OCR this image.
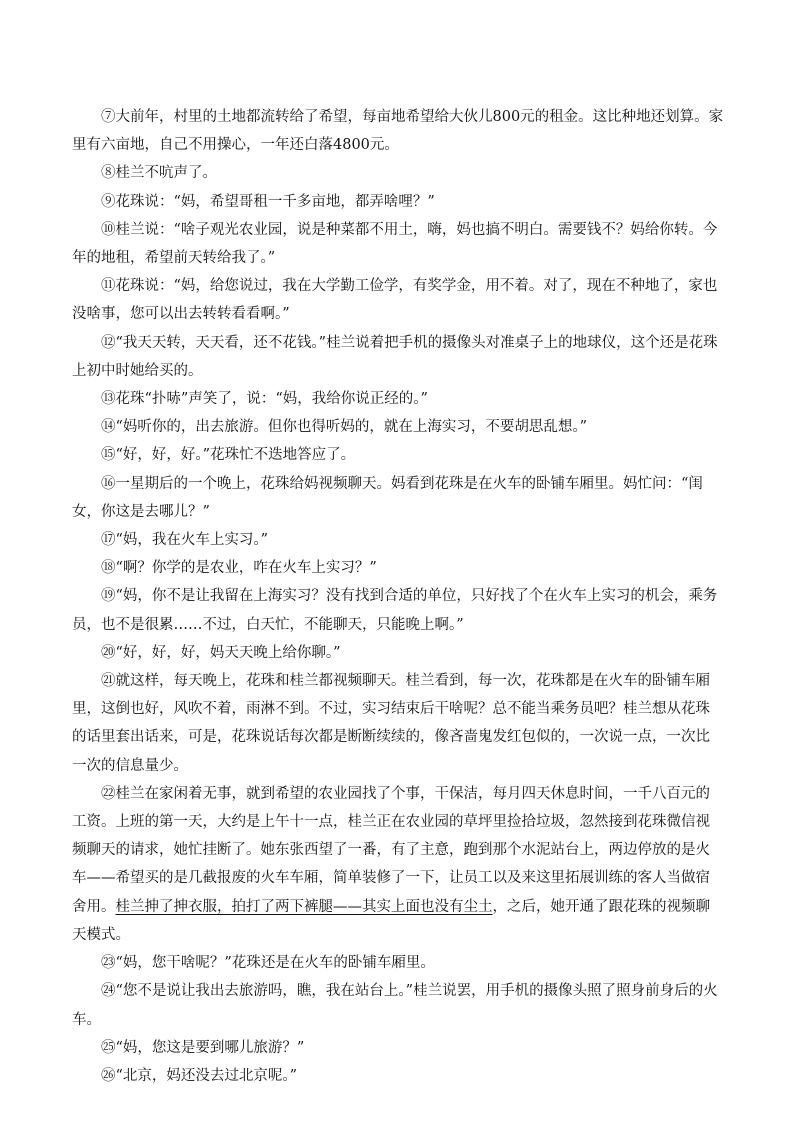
⑦大前年，村里的土地都流转给了希望，每亩地希望给大伙儿800元的租金。这比种地还划算。家里有六亩地，自己不用操心，一年还白落4800元。

⑧桂兰不吭声了。

⑨花珠说：“妈，希望哥租一千多亩地，都弄啥哩？”

⑩桂兰说：“啥子观光农业园，说是种菜都不用土，嗨，妈也搞不明白。需要钱不？妈给你转。今年的地租，希望前天转给我了。”

⑪花珠说：“妈，给您说过，我在大学勤工俭学，有奖学金，用不着。对了，现在不种地了，家也没啥事，您可以出去转转看看啊。”

⑫“我天天转，天天看，还不花钱。”桂兰说着把手机的摄像头对准桌子上的地球仪，这个还是花珠上初中时她给买的。

⑬花珠“扑哧”声笑了，说：“妈，我给你说正经的。”

⑭“妈听你的，出去旅游。但你也得听妈的，就在上海实习，不要胡思乱想。”

⑮“好，好，好。”花珠忙不迭地答应了。

⑯一星期后的一个晚上，花珠给妈视频聊天。妈看到花珠是在火车的卧铺车厢里。妈忙问：“闺女，你这是去哪儿？”

⑰“妈，我在火车上实习。”

⑱“啊？你学的是农业，咋在火车上实习？”

⑲“妈，你不是让我留在上海实习？没有找到合适的单位，只好找了个在火车上实习的机会，乘务员，也不是很累……不过，白天忙，不能聊天，只能晚上啊。”

⑳“好，好，好，妈天天晚上给你聊。”

㉑就这样，每天晚上，花珠和桂兰都视频聊天。桂兰看到，每一次，花珠都是在火车的卧铺车厢里，这倒也好，风吹不着，雨淋不到。不过，实习结束后干啥呢？总不能当乘务员吧？桂兰想从花珠的话里套出话来，可是，花珠说话每次都是断断续续的，像吝啬鬼发红包似的，一次说一点，一次比一次的信息量少。

㉒桂兰在家闲着无事，就到希望的农业园找了个事，干保洁，每月四天休息时间，一千八百元的工资。上班的第一天，大约是上午十一点，桂兰正在农业园的草坪里捡拾垃圾，忽然接到花珠微信视频聊天的请求，她忙挂断了。她东张西望了一番，有了主意，跑到那个水泥站台上，两边停放的是火车——希望买的是几截报废的火车车厢，简单装修了一下，让员工以及来这里拓展训练的客人当做宿舍用。桂兰抻了抻衣服，拍打了两下裤腿——其实上面也没有尘土，之后，她开通了跟花珠的视频聊天模式。

㉓“妈，您干啥呢？”花珠还是在火车的卧铺车厢里。

㉔“您不是说让我出去旅游吗，瞧，我在站台上。”桂兰说罢，用手机的摄像头照了照身前身后的火车。

㉕“妈，您这是要到哪儿旅游？”

㉖“北京，妈还没去过北京呢。”
